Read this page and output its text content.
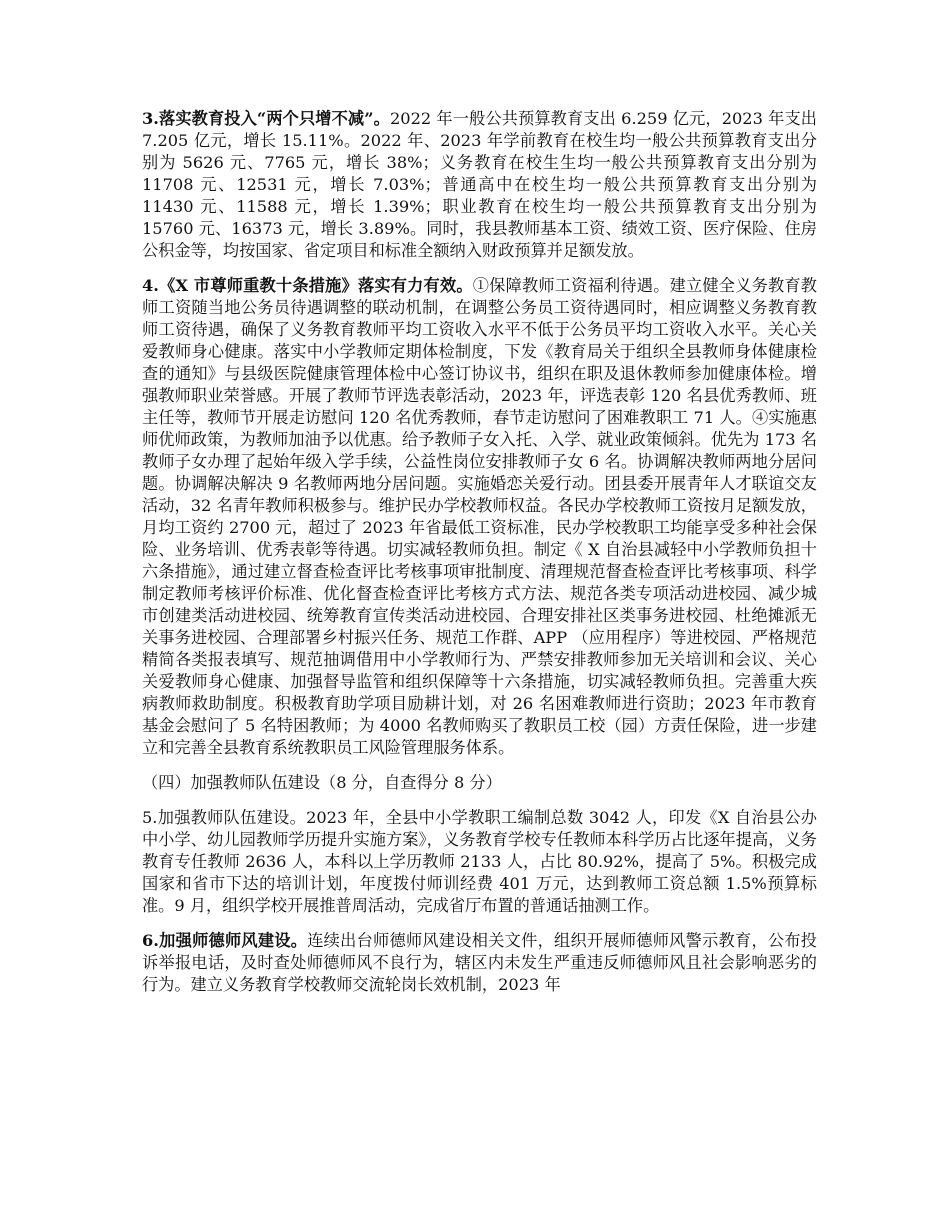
3.落实教育投入“两个只增不减”。2022 年一般公共预算教育支出 6.259 亿元，2023 年支出 7.205 亿元，增长 15.11%。2022 年、2023 年学前教育在校生均一般公共预算教育支出分别为 5626 元、7765 元，增长 38%；义务教育在校生生均一般公共预算教育支出分别为 11708 元、12531 元，增长 7.03%；普通高中在校生均一般公共预算教育支出分别为 11430 元、11588 元，增长 1.39%；职业教育在校生均一般公共预算教育支出分别为 15760 元、16373 元，增长 3.89%。同时，我县教师基本工资、绩效工资、医疗保险、住房公积金等，均按国家、省定项目和标准全额纳入财政预算并足额发放。

4.《X 市尊师重教十条措施》落实有力有效。①保障教师工资福利待遇。建立健全义务教育教师工资随当地公务员待遇调整的联动机制，在调整公务员工资待遇同时，相应调整义务教育教师工资待遇，确保了义务教育教师平均工资收入水平不低于公务员平均工资收入水平。关心关爱教师身心健康。落实中小学教师定期体检制度，下发《教育局关于组织全县教师身体健康检查的通知》与县级医院健康管理体检中心签订协议书，组织在职及退休教师参加健康体检。增强教师职业荣誉感。开展了教师节评选表彰活动，2023 年，评选表彰 120 名县优秀教师、班主任等，教师节开展走访慰问 120 名优秀教师，春节走访慰问了困难教职工 71 人。④实施惠师优师政策，为教师加油予以优惠。给予教师子女入托、入学、就业政策倾斜。优先为 173 名教师子女办理了起始年级入学手续，公益性岗位安排教师子女 6 名。协调解决教师两地分居问题。协调解决解决 9 名教师两地分居问题。实施婚恋关爱行动。团县委开展青年人才联谊交友活动，32 名青年教师积极参与。维护民办学校教师权益。各民办学校教师工资按月足额发放，月均工资约 2700 元，超过了 2023 年省最低工资标准，民办学校教职工均能享受多种社会保险、业务培训、优秀表彰等待遇。切实减轻教师负担。制定《 X 自治县减轻中小学教师负担十六条措施》，通过建立督查检查评比考核事项审批制度、清理规范督查检查评比考核事项、科学制定教师考核评价标准、优化督查检查评比考核方式方法、规范各类专项活动进校园、减少城市创建类活动进校园、统筹教育宣传类活动进校园、合理安排社区类事务进校园、杜绝摊派无关事务进校园、合理部署乡村振兴任务、规范工作群、APP （应用程序）等进校园、严格规范精简各类报表填写、规范抽调借用中小学教师行为、严禁安排教师参加无关培训和会议、关心关爱教师身心健康、加强督导监管和组织保障等十六条措施，切实减轻教师负担。完善重大疾病教师救助制度。积极教育助学项目励耕计划，对 26 名困难教师进行资助；2023 年市教育基金会慰问了 5 名特困教师；为 4000 名教师购买了教职员工校（园）方责任保险，进一步建立和完善全县教育系统教职员工风险管理服务体系。

（四）加强教师队伍建设（8 分，自查得分 8 分）

5.加强教师队伍建设。2023 年，全县中小学教职工编制总数 3042 人，印发《X 自治县公办中小学、幼儿园教师学历提升实施方案》，义务教育学校专任教师本科学历占比逐年提高，义务教育专任教师 2636 人，本科以上学历教师 2133 人，占比 80.92%，提高了 5%。积极完成国家和省市下达的培训计划，年度拨付师训经费 401 万元，达到教师工资总额 1.5%预算标准。9 月，组织学校开展推普周活动，完成省厅布置的普通话抽测工作。

6.加强师德师风建设。连续出台师德师风建设相关文件，组织开展师德师风警示教育，公布投诉举报电话，及时查处师德师风不良行为，辖区内未发生严重违反师德师风且社会影响恶劣的行为。建立义务教育学校教师交流轮岗长效机制，2023 年
